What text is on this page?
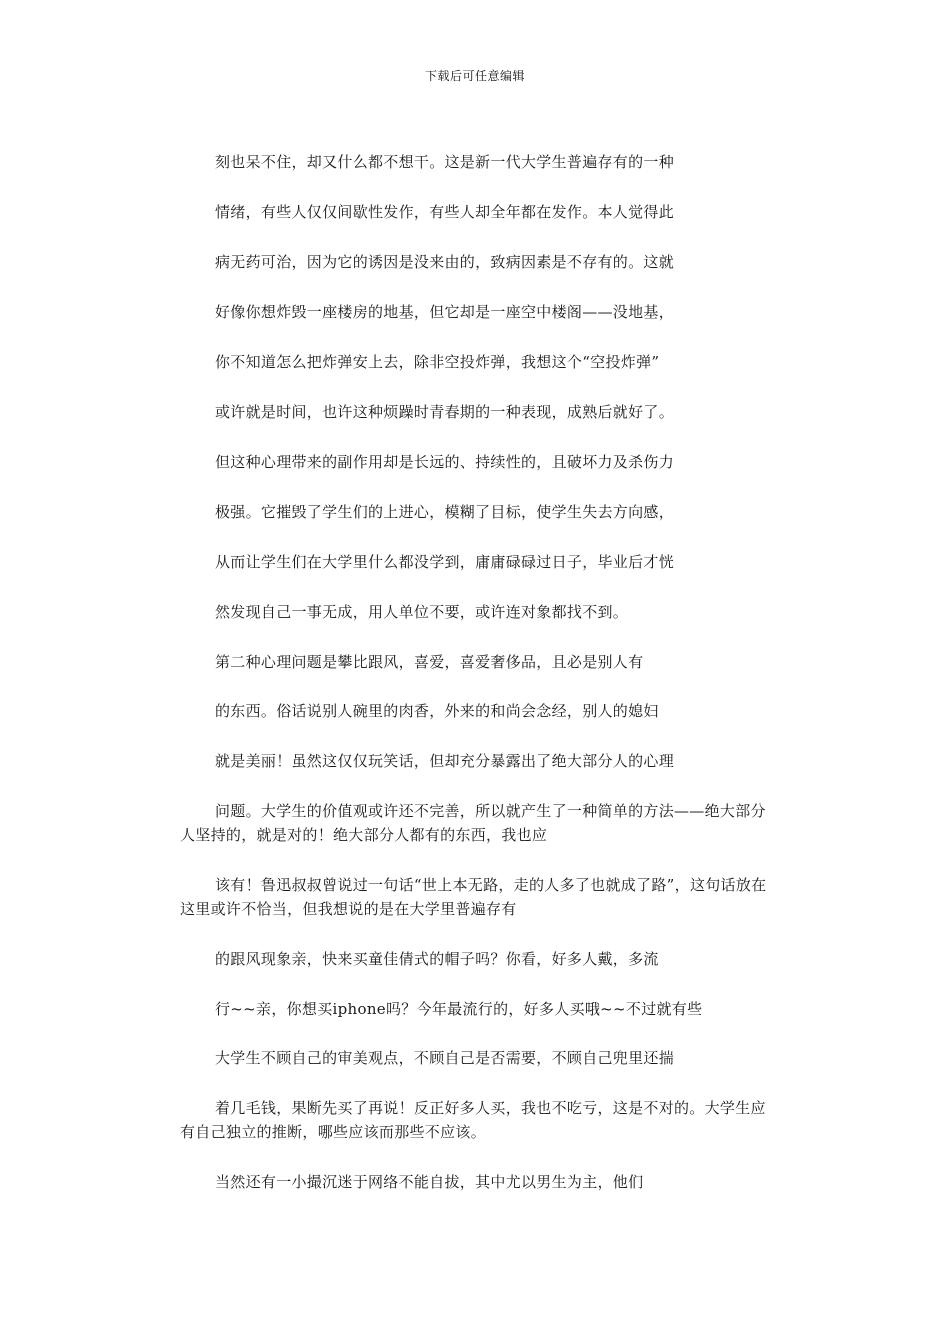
下载后可任意编辑
刻也呆不住，却又什么都不想干。这是新一代大学生普遍存有的一种
情绪，有些人仅仅间歇性发作，有些人却全年都在发作。本人觉得此
病无药可治，因为它的诱因是没来由的，致病因素是不存有的。这就
好像你想炸毁一座楼房的地基，但它却是一座空中楼阁——没地基，
你不知道怎么把炸弹安上去，除非空投炸弹，我想这个“空投炸弹”
或许就是时间，也许这种烦躁时青春期的一种表现，成熟后就好了。
但这种心理带来的副作用却是长远的、持续性的，且破坏力及杀伤力
极强。它摧毁了学生们的上进心，模糊了目标，使学生失去方向感，
从而让学生们在大学里什么都没学到，庸庸碌碌过日子，毕业后才恍
然发现自己一事无成，用人单位不要，或许连对象都找不到。
第二种心理问题是攀比跟风，喜爱，喜爱奢侈品，且必是别人有
的东西。俗话说别人碗里的肉香，外来的和尚会念经，别人的媳妇
就是美丽！虽然这仅仅玩笑话，但却充分暴露出了绝大部分人的心理
问题。大学生的价值观或许还不完善，所以就产生了一种简单的方法——绝大部分人坚持的，就是对的！绝大部分人都有的东西，我也应
该有！鲁迅叔叔曾说过一句话“世上本无路，走的人多了也就成了路”，这句话放在这里或许不恰当，但我想说的是在大学里普遍存有
的跟风现象亲，快来买童佳倩式的帽子吗？你看，好多人戴，多流
行~~亲，你想买iphone吗？今年最流行的，好多人买哦~~不过就有些
大学生不顾自己的审美观点，不顾自己是否需要，不顾自己兜里还揣
着几毛钱，果断先买了再说！反正好多人买，我也不吃亏，这是不对的。大学生应有自己独立的推断，哪些应该而那些不应该。
当然还有一小撮沉迷于网络不能自拔，其中尤以男生为主，他们
